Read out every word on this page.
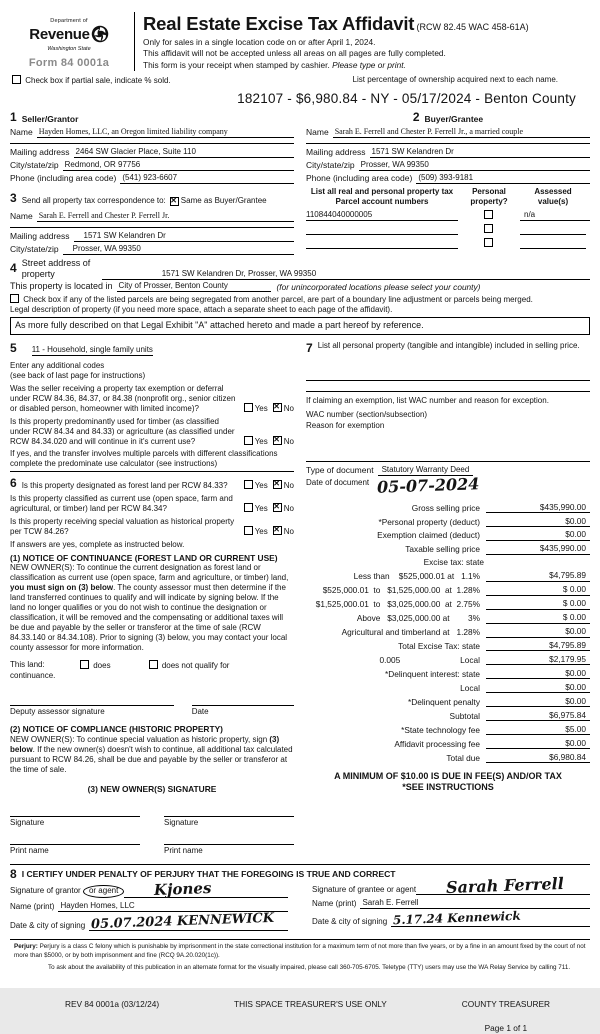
Department of
Revenue
Washington State
Form 84 0001a
Real Estate Excise Tax Affidavit (RCW 82.45 WAC 458-61A)
Only for sales in a single location code on or after April 1, 2024.
This affidavit will not be accepted unless all areas on all pages are fully completed.
This form is your receipt when stamped by cashier. Please type or print.
Check box if partial sale, indicate % sold.	List percentage of ownership acquired next to each name.
182107 - $6,980.84 - NY - 05/17/2024 - Benton County
1 Seller/Grantor
Name Hayden Homes, LLC, an Oregon limited liability company
Mailing address 2464 SW Glacier Place, Suite 110
City/state/zip Redmond, OR 97756
Phone (including area code) (541) 923-6607
3 Send all property tax correspondence to: ✕ Same as Buyer/Grantee
Name Sarah E. Ferrell and Chester P. Ferrell Jr.
Mailing address	1571 SW Kelandren Dr
City/state/zip	Prosser, WA 99350
2 Buyer/Grantee
Name Sarah E. Ferrell and Chester P. Ferrell Jr., a married couple
Mailing address 1571 SW Kelandren Dr
City/state/zip Prosser, WA 99350
Phone (including area code) (509) 393-9181
List all real and personal property tax
Parcel account numbers
Personal
property?
Assessed
value(s)
110844040000005	n/a
4 Street address of
property	1571 SW Kelandren Dr, Prosser, WA 99350
This property is located in City of Prosser, Benton County	(for unincorporated locations please select your county)
Check box if any of the listed parcels are being segregated from another parcel, are part of a boundary line adjustment or parcels being merged.
Legal description of property (if you need more space, attach a separate sheet to each page of the affidavit).
As more fully described on that Legal Exhibit "A" attached hereto and made a part hereof by reference.
5 11 - Household, single family units
Enter any additional codes
(see back of last page for instructions)
Was the seller receiving a property tax exemption or deferral under RCW 84.36, 84.37, or 84.38 (nonprofit org., senior citizen or disabled person, homeowner with limited income)?	Yes ✕ No
Is this property predominantly used for timber (as classified under RCW 84.34 and 84.33) or agriculture (as classified under RCW 84.34.020 and will continue in it's current use?	Yes ✕ No
If yes, and the transfer involves multiple parcels with different classifications complete the predominate use calculator (see instructions)
6 Is this property designated as forest land per RCW 84.33?	Yes ✕ No
Is this property classified as current use (open space, farm and agricultural, or timber) land per RCW 84.34?	Yes ✕ No
Is this property receiving special valuation as historical property per TCW 84.26?	Yes ✕ No
If answers are yes, complete as instructed below.
(1) NOTICE OF CONTINUANCE (FOREST LAND OR CURRENT USE)
NEW OWNER(S): To continue the current designation as forest land or classification as current use (open space, farm and agriculture, or timber) land, you must sign on (3) below. The county assessor must then determine if the land transferred continues to qualify and will indicate by signing below. If the land no longer qualifies or you do not wish to continue the designation or classification, it will be removed and the compensating or additional taxes will be due and payable by the seller or transferor at the time of sale (RCW 84.33.140 or 84.34.108). Prior to signing (3) below, you may contact your local county assessor for more information.
This land:	does	does not qualify for
continuance.
Deputy assessor signature	Date
(2) NOTICE OF COMPLIANCE (HISTORIC PROPERTY)
NEW OWNER(S): To continue special valuation as historic property, sign (3) below. If the new owner(s) doesn't wish to continue, all additional tax calculated pursuant to RCW 84.26, shall be due and payable by the seller or transferor at the time of sale.
(3) NEW OWNER(S) SIGNATURE
Signature	Signature
Print name	Print name
7 List all personal property (tangible and intangible) included in selling price.
If claiming an exemption, list WAC number and reason for exception.
WAC number (section/subsection)
Reason for exemption
Type of document	Statutory Warranty Deed
Date of document 05-07-2024
Gross selling price	$435,990.00
*Personal property (deduct)	$0.00
Exemption claimed (deduct)	$0.00
Taxable selling price	$435,990.00
Excise tax: state
Less than    $525,000.01 at   1.1%	$4,795.89
$525,000.01  to   $1,525,000.00  at  1.28%	$ 0.00
$1,525,000.01  to   $3,025,000.00  at  2.75%	$ 0.00
Above   $3,025,000.00 at        3%	$ 0.00
Agricultural and timberland at   1.28%	$0.00
Total Excise Tax: state	$4,795.89
0.005                          Local	$2,179.95
*Delinquent interest: state	$0.00
Local	$0.00
*Delinquent penalty	$0.00
Subtotal	$6,975.84
*State technology fee	$5.00
Affidavit processing fee	$0.00
Total due	$6,980.84
A MINIMUM OF $10.00 IS DUE IN FEE(S) AND/OR TAX
*SEE INSTRUCTIONS
8 I CERTIFY UNDER PENALTY OF PERJURY THAT THE FOREGOING IS TRUE AND CORRECT
Signature of grantor or agent	Kjones
Name (print) Hayden Homes, LLC
Date & city of signing 05.07.2024 KENNEWICK
Signature of grantee or agent Sarah Ferrell
Name (print) Sarah E. Ferrell
Date & city of signing 5.17.24 Kennewick

Perjury: Perjury is a class C felony which is punishable by imprisonment in the state correctional institution for a maximum term of not more than five years, or by a fine in an amount fixed by the court of not more than $5000, or by both imprisonment and fine (RCQ 9A.20.020(1c)).

To ask about the availability of this publication in an alternate format for the visually impaired, please call 360-705-6705. Teletype (TTY) users may use the WA Relay Service by calling 711.

REV 84 0001a (03/12/24)	THIS SPACE TREASURER'S USE ONLY	COUNTY TREASURER
Page 1 of 1
